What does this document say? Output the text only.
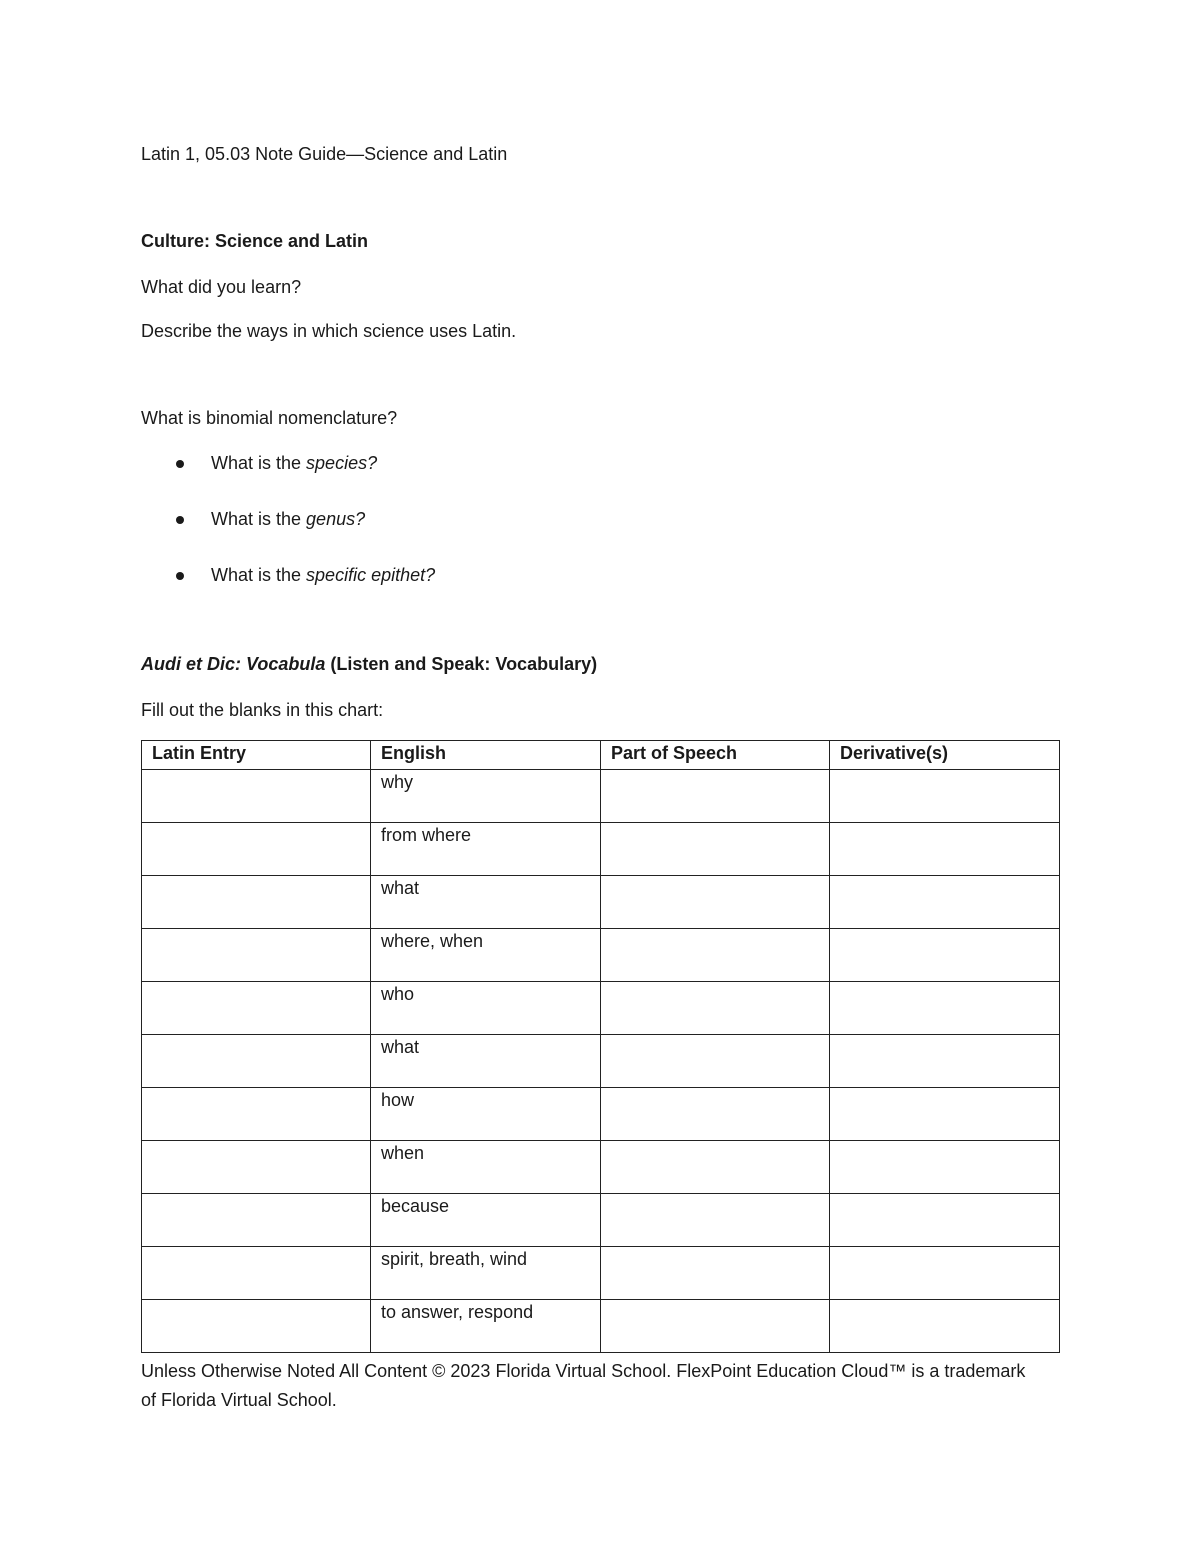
Latin 1, 05.03 Note Guide—Science and Latin
Culture: Science and Latin
What did you learn?
Describe the ways in which science uses Latin.
What is binomial nomenclature?
What is the species?
What is the genus?
What is the specific epithet?
Audi et Dic: Vocabula (Listen and Speak: Vocabulary)
Fill out the blanks in this chart:
Latin Entry	English	Part of Speech	Derivative(s)
	why		
	from where		
	what		
	where, when		
	who		
	what		
	how		
	when		
	because		
	spirit, breath, wind		
	to answer, respond		
Unless Otherwise Noted All Content © 2023 Florida Virtual School. FlexPoint Education Cloud™ is a trademark of Florida Virtual School.
